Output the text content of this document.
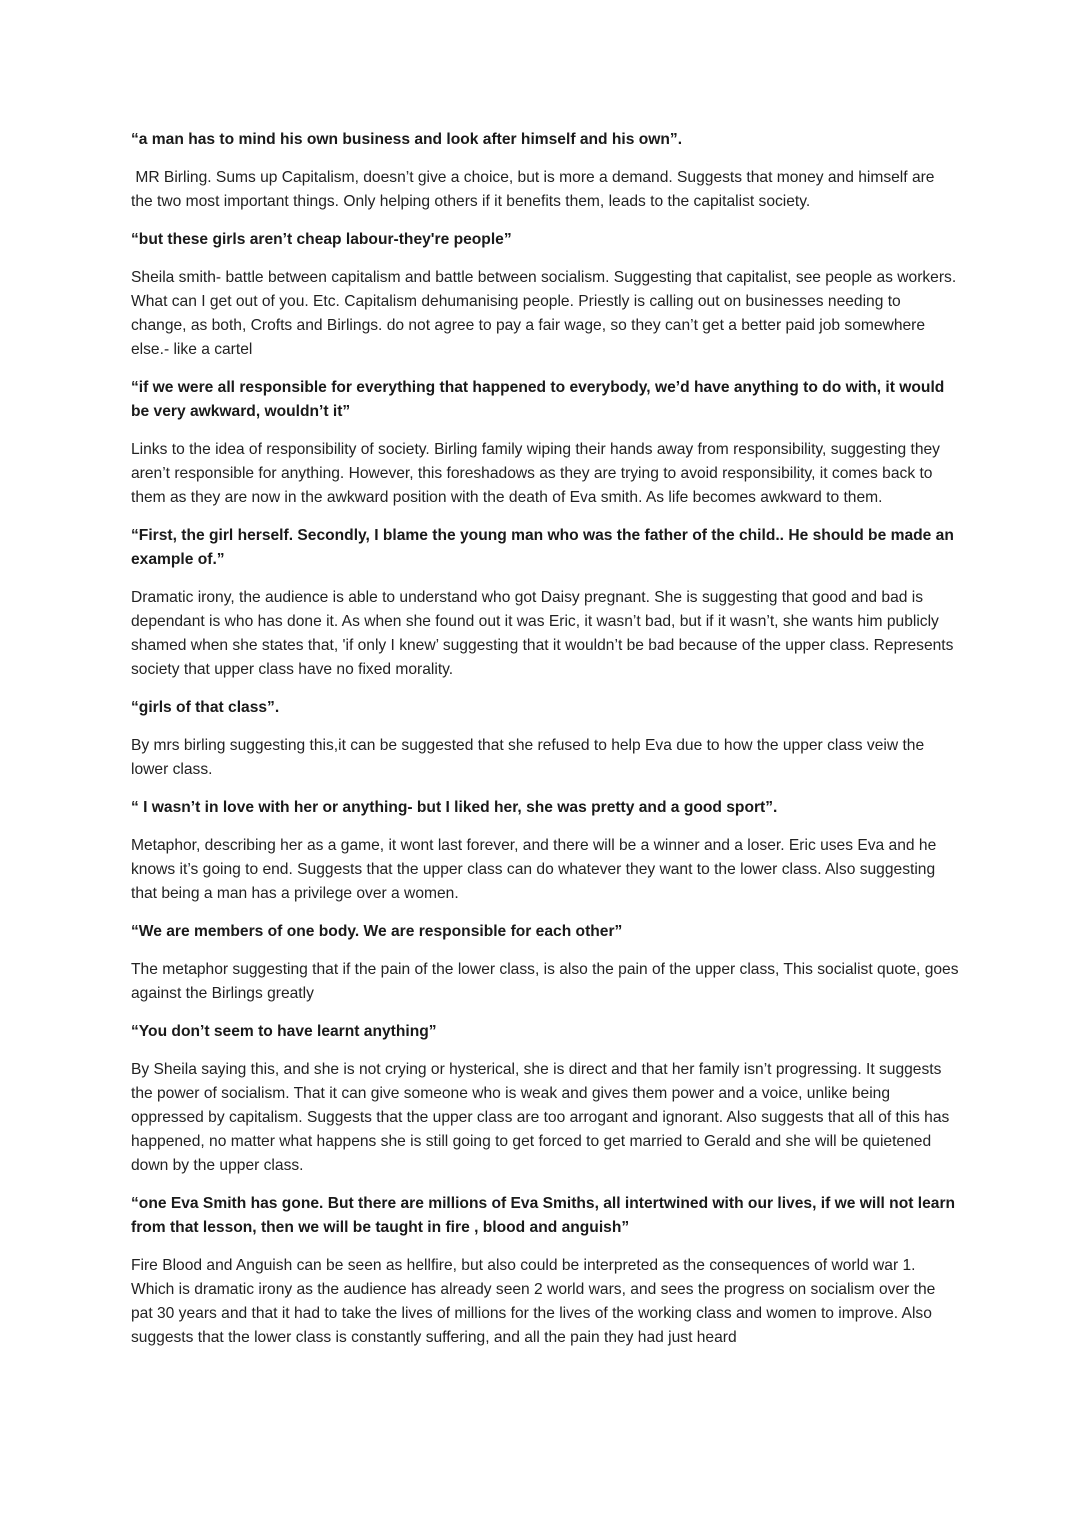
“a man has to mind his own business and look after himself and his own”.

MR Birling. Sums up Capitalism, doesn’t give a choice, but is more a demand. Suggests that money and himself are the two most important things. Only helping others if it benefits them, leads to the capitalist society.

“but these girls aren’t cheap labour-they're people”

Sheila smith- battle between capitalism and battle between socialism. Suggesting that capitalist, see people as workers. What can I get out of you. Etc. Capitalism dehumanising people. Priestly is calling out on businesses needing to change, as both, Crofts and Birlings. do not agree to pay a fair wage, so they can’t get a better paid job somewhere else.- like a cartel

“if we were all responsible for everything that happened to everybody, we’d have anything to do with, it would be very awkward, wouldn’t it”

Links to the idea of responsibility of society. Birling family wiping their hands away from responsibility, suggesting they aren’t responsible for anything. However, this foreshadows as they are trying to avoid responsibility, it comes back to them as they are now in the awkward position with the death of Eva smith. As life becomes awkward to them.

“First, the girl herself. Secondly, I blame the young man who was the father of the child.. He should be made an example of.”

Dramatic irony, the audience is able to understand who got Daisy pregnant. She is suggesting that good and bad is dependant is who has done it. As when she found out it was Eric, it wasn’t bad, but if it wasn’t, she wants him publicly shamed when she states that, 'if only I knew’ suggesting that it wouldn’t be bad because of the upper class. Represents society that upper class have no fixed morality.

“girls of that class”.

By mrs birling suggesting this,it can be suggested that she refused to help Eva due to how the upper class veiw the lower class.

“ I wasn’t in love with her or anything- but I liked her, she was pretty and a good sport”.

Metaphor, describing her as a game, it wont last forever, and there will be a winner and a loser. Eric uses Eva and he knows it’s going to end. Suggests that the upper class can do whatever they want to the lower class. Also suggesting that being a man has a privilege over a women.

“We are members of one body. We are responsible for each other”

The metaphor suggesting that if the pain of the lower class, is also the pain of the upper class, This socialist quote, goes against the Birlings greatly

“You don’t seem to have learnt anything”

By Sheila saying this, and she is not crying or hysterical, she is direct and that her family isn’t progressing. It suggests the power of socialism. That it can give someone who is weak and gives them power and a voice, unlike being oppressed by capitalism. Suggests that the upper class are too arrogant and ignorant. Also suggests that all of this has happened, no matter what happens she is still going to get forced to get married to Gerald and she will be quietened down by the upper class.

“one Eva Smith has gone. But there are millions of Eva Smiths, all intertwined with our lives, if we will not learn from that lesson, then we will be taught in fire , blood and anguish”

Fire Blood and Anguish can be seen as hellfire, but also could be interpreted as the consequences of world war 1. Which is dramatic irony as the audience has already seen 2 world wars, and sees the progress on socialism over the pat 30 years and that it had to take the lives of millions for the lives of the working class and women to improve. Also suggests that the lower class is constantly suffering, and all the pain they had just heard
